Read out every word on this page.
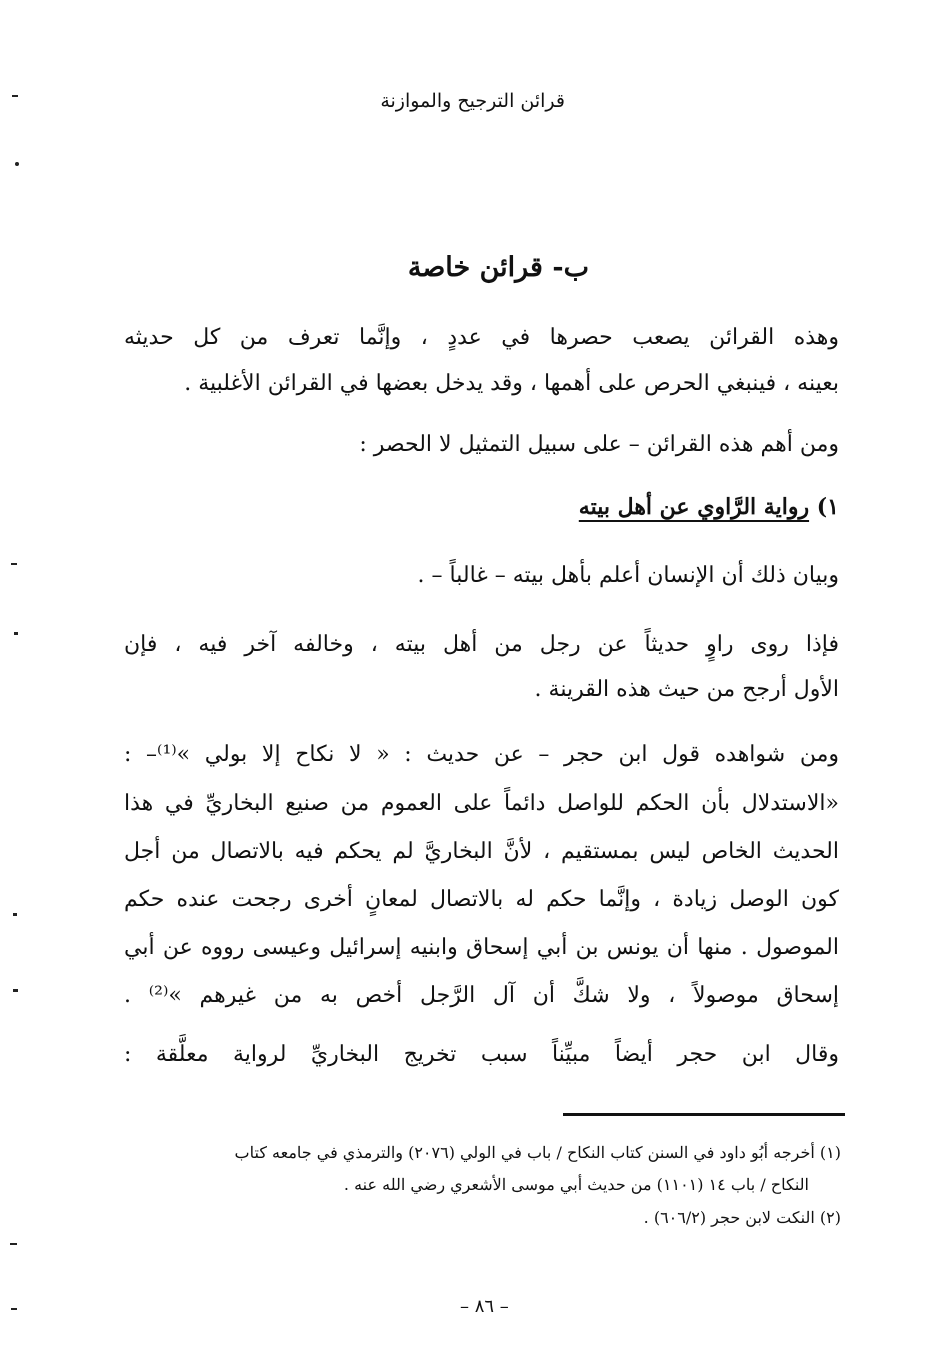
قرائن الترجيح والموازنة
ب- قرائن خاصة
وهذه القرائن يصعب حصرها في عددٍ ، وإنَّما تعرف من كل حديثه
بعينه ، فينبغي الحرص على أهمها ، وقد يدخل بعضها في القرائن الأغلبية .
ومن أهم هذه القرائن – على سبيل التمثيل لا الحصر :
١) رواية الرَّاوي عن أهل بيته
وبيان ذلك أن الإنسان أعلم بأهل بيته – غالباً – .
فإذا روى راوٍ حديثاً عن رجل من أهل بيته ، وخالفه آخر فيه ، فإن
الأول أرجح من حيث هذه القرينة .
ومن شواهده قول ابن حجر – عن حديث : « لا نكاح إلا بولي »⁽¹⁾– :
«الاستدلال بأن الحكم للواصل دائماً على العموم من صنيع البخاريِّ في هذا
الحديث الخاص ليس بمستقيم ، لأنَّ البخاريَّ لم يحكم فيه بالاتصال من أجل
كون الوصل زيادة ، وإنَّما حكم له بالاتصال لمعانٍ أخرى رجحت عنده حكم
الموصول . منها أن يونس بن أبي إسحاق وابنيه إسرائيل وعيسى رووه عن أبي
إسحاق موصولاً ، ولا شكَّ أن آل الرَّجل أخص به من غيرهم »⁽²⁾ .
وقال ابن حجر أيضاً مبيِّناً سبب تخريج البخاريِّ لرواية معلَّقة :
(١) أخرجه أبُو داود في السنن كتاب النكاح / باب في الولي (٢٠٧٦) والترمذي في جامعه كتاب
النكاح / باب ١٤ (١١٠١) من حديث أبي موسى الأشعري رضي الله عنه .
(٢) النكت لابن حجر (٦٠٦/٢) .
– ٨٦ –
